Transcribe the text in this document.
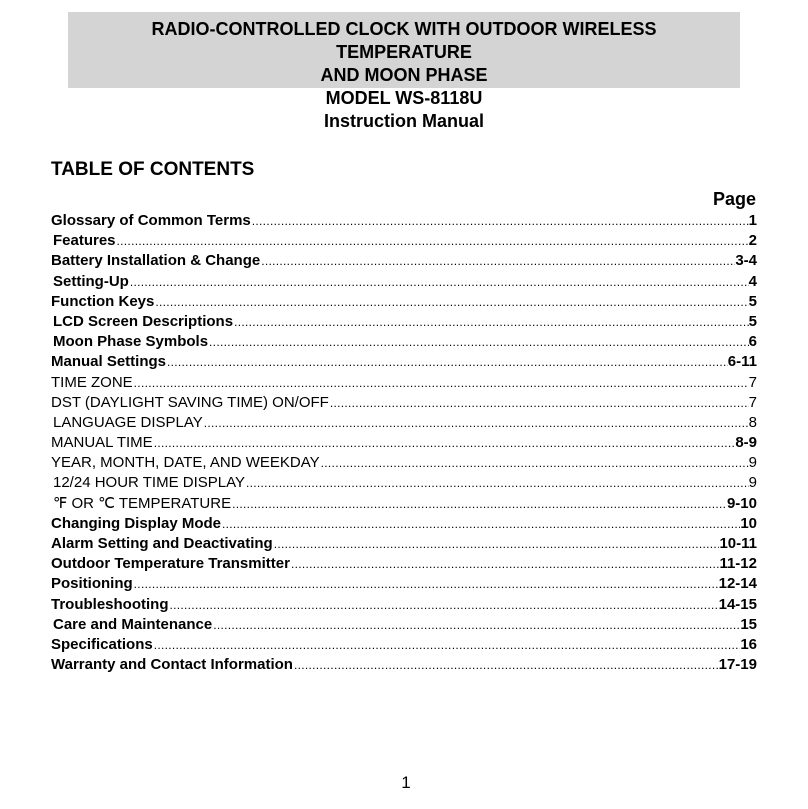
RADIO-CONTROLLED CLOCK WITH OUTDOOR WIRELESS
TEMPERATURE
AND MOON PHASE
MODEL WS-8118U
Instruction Manual
TABLE OF CONTENTS
Page
Glossary of Common Terms .....	1
Features .....	2
Battery Installation & Change .....	3-4
Setting-Up .....	4
Function Keys .....	5
LCD Screen Descriptions .....	5
Moon Phase Symbols .....	6
Manual Settings .....	6-11
TIME ZONE .....	7
DST (DAYLIGHT SAVING TIME) ON/OFF .....	7
LANGUAGE DISPLAY .....	8
MANUAL TIME .....	8-9
YEAR, MONTH, DATE, AND WEEKDAY .....	9
12/24 HOUR TIME DISPLAY .....	9
℉ OR ℃ TEMPERATURE .....	9-10
Changing Display Mode .....	10
Alarm Setting and Deactivating .....	10-11
Outdoor Temperature Transmitter .....	11-12
Positioning .....	12-14
Troubleshooting .....	14-15
Care and Maintenance .....	15
Specifications .....	16
Warranty and Contact Information .....	17-19
1
